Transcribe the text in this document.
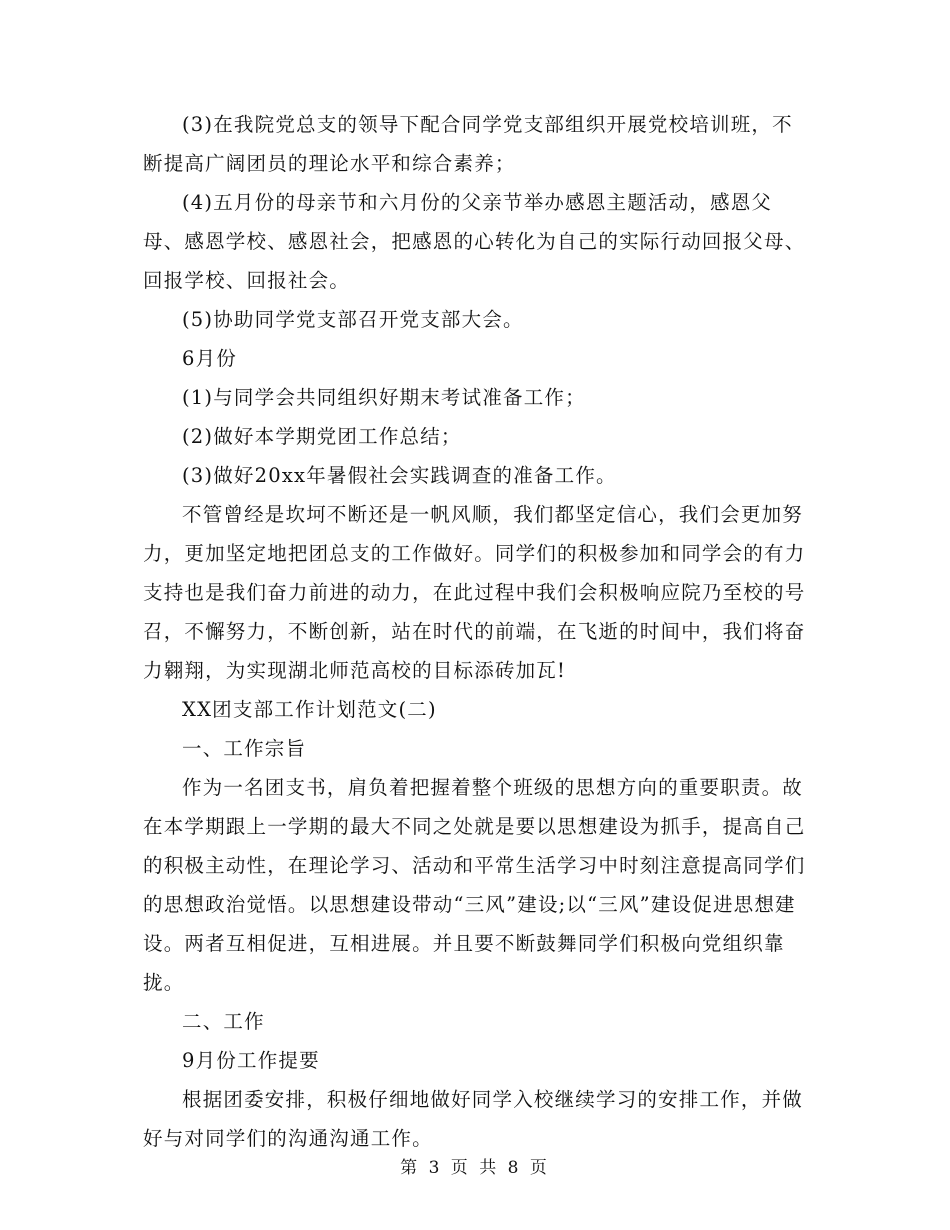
(3)在我院党总支的领导下配合同学党支部组织开展党校培训班，不断提高广阔团员的理论水平和综合素养；

(4)五月份的母亲节和六月份的父亲节举办感恩主题活动，感恩父母、感恩学校、感恩社会，把感恩的心转化为自己的实际行动回报父母、回报学校、回报社会。

(5)协助同学党支部召开党支部大会。

6月份

(1)与同学会共同组织好期末考试准备工作；

(2)做好本学期党团工作总结；

(3)做好20xx年暑假社会实践调查的准备工作。

不管曾经是坎坷不断还是一帆风顺，我们都坚定信心，我们会更加努力，更加坚定地把团总支的工作做好。同学们的积极参加和同学会的有力支持也是我们奋力前进的动力，在此过程中我们会积极响应院乃至校的号召，不懈努力，不断创新，站在时代的前端，在飞逝的时间中，我们将奋力翱翔，为实现湖北师范高校的目标添砖加瓦!

XX团支部工作计划范文(二)

一、工作宗旨

作为一名团支书，肩负着把握着整个班级的思想方向的重要职责。故在本学期跟上一学期的最大不同之处就是要以思想建设为抓手，提高自己的积极主动性，在理论学习、活动和平常生活学习中时刻注意提高同学们的思想政治觉悟。以思想建设带动“三风”建设;以“三风”建设促进思想建设。两者互相促进，互相进展。并且要不断鼓舞同学们积极向党组织靠拢。

二、工作

9月份工作提要

根据团委安排，积极仔细地做好同学入校继续学习的安排工作，并做好与对同学们的沟通沟通工作。

第 3 页 共 8 页
